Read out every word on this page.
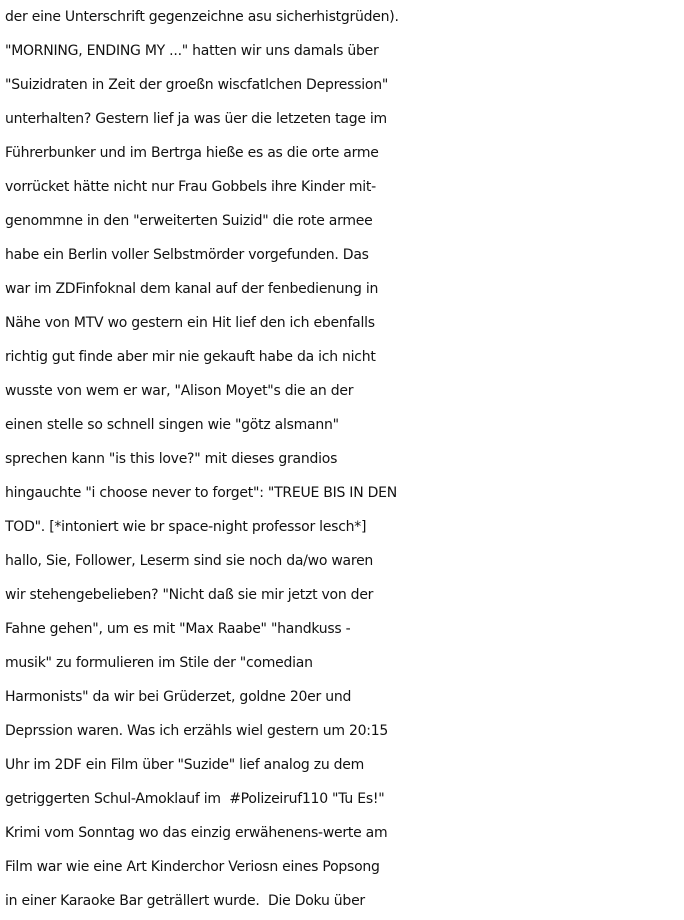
der eine Unterschrift gegenzeichne asu sicherhistgrüden).
"MORNING, ENDING MY ..." hatten wir uns damals über
"Suizidraten in Zeit der groeßn wiscfatlchen Depression"
unterhalten? Gestern lief ja was üer die letzeten tage im
Führerbunker und im Bertrga hieße es as die orte arme
vorrücket hätte nicht nur Frau Gobbels ihre Kinder mit-
genommne in den "erweiterten Suizid" die rote armee
habe ein Berlin voller Selbstmörder vorgefunden. Das
war im ZDFinfoknal dem kanal auf der fenbedienung in
Nähe von MTV wo gestern ein Hit lief den ich ebenfalls
richtig gut finde aber mir nie gekauft habe da ich nicht
wusste von wem er war, "Alison Moyet"s die an der
einen stelle so schnell singen wie "götz alsmann"
sprechen kann "is this love?" mit dieses grandios
hingauchte "i choose never to forget": "TREUE BIS IN DEN
TOD". [*intoniert wie br space-night professor lesch*]
hallo, Sie, Follower, Leserm sind sie noch da/wo waren
wir stehengebelieben? "Nicht daß sie mir jetzt von der
Fahne gehen", um es mit "Max Raabe" "handkuss -
musik" zu formulieren im Stile der "comedian
Harmonists" da wir bei Grüderzet, goldne 20er und
Deprssion waren. Was ich erzähls wiel gestern um 20:15
Uhr im 2DF ein Film über "Suzide" lief analog zu dem
getriggerten Schul-Amoklauf im  #Polizeiruf110 "Tu Es!"
Krimi vom Sonntag wo das einzig erwähenens-werte am
Film war wie eine Art Kinderchor Veriosn eines Popsong
in einer Karaoke Bar geträllert wurde.  Die Doku über
